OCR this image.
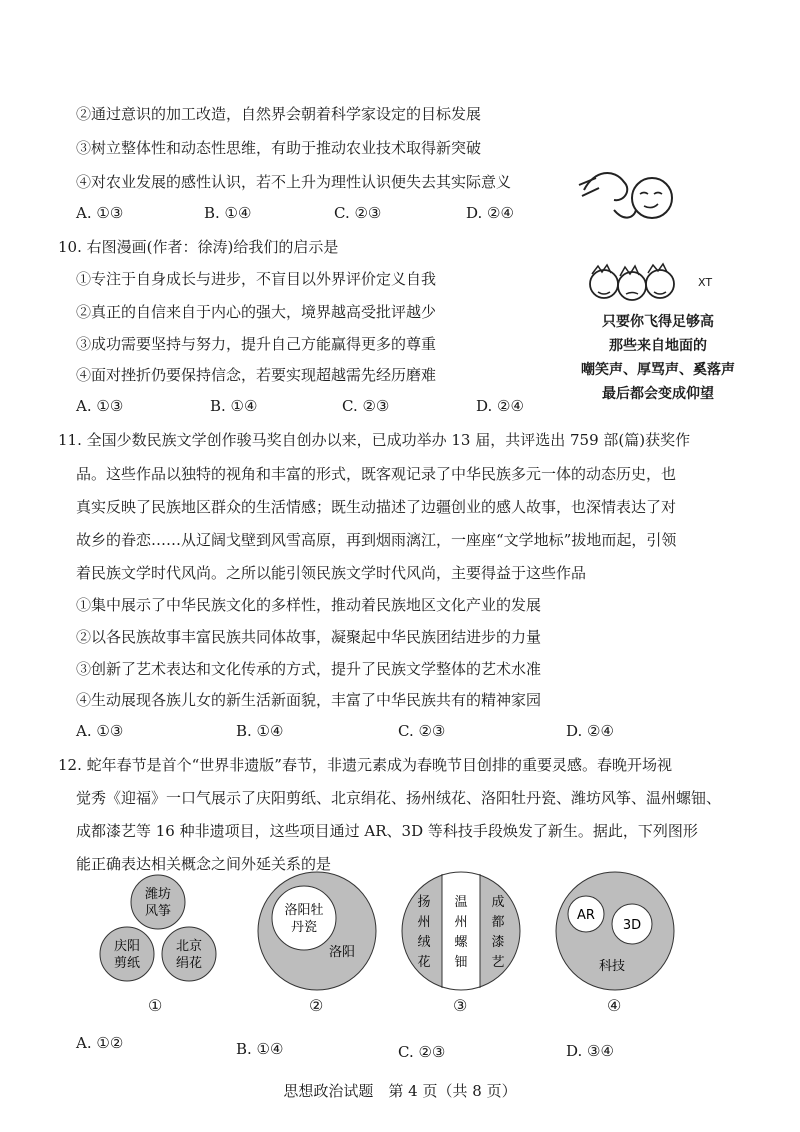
②通过意识的加工改造，自然界会朝着科学家设定的目标发展
③树立整体性和动态性思维，有助于推动农业技术取得新突破
④对农业发展的感性认识，若不上升为理性认识便失去其实际意义
A. ①③	B. ①④	C. ②③	D. ②④
10. 右图漫画(作者：徐涛)给我们的启示是
①专注于自身成长与进步，不盲目以外界评价定义自我
②真正的自信来自于内心的强大，境界越高受批评越少
③成功需要坚持与努力，提升自己方能赢得更多的尊重
④面对挫折仍要保持信念，若要实现超越需先经历磨难
A. ①③	B. ①④	C. ②③	D. ②④
XT
只要你飞得足够高
那些来自地面的
嘲笑声、厚骂声、奚落声
最后都会变成仰望
11. 全国少数民族文学创作骏马奖自创办以来，已成功举办 13 届，共评选出 759 部(篇)获奖作
品。这些作品以独特的视角和丰富的形式，既客观记录了中华民族多元一体的动态历史，也
真实反映了民族地区群众的生活情感；既生动描述了边疆创业的感人故事，也深情表达了对
故乡的眷恋……从辽阔戈壁到风雪高原，再到烟雨漓江，一座座“文学地标”拔地而起，引领
着民族文学时代风尚。之所以能引领民族文学时代风尚，主要得益于这些作品
①集中展示了中华民族文化的多样性，推动着民族地区文化产业的发展
②以各民族故事丰富民族共同体故事，凝聚起中华民族团结进步的力量
③创新了艺术表达和文化传承的方式，提升了民族文学整体的艺术水准
④生动展现各族儿女的新生活新面貌，丰富了中华民族共有的精神家园
A. ①③	B. ①④	C. ②③	D. ②④
12. 蛇年春节是首个“世界非遗版”春节，非遗元素成为春晚节目创排的重要灵感。春晚开场视
觉秀《迎福》一口气展示了庆阳剪纸、北京绢花、扬州绒花、洛阳牡丹瓷、潍坊风筝、温州螺钿、
成都漆艺等 16 种非遗项目，这些项目通过 AR、3D 等科技手段焕发了新生。据此，下列图形
能正确表达相关概念之间外延关系的是
潍坊
风筝
庆阳
剪纸
北京
绢花
①
洛阳牡
丹瓷
洛阳
②
扬
州
绒
花
温
州
螺
钿
成
都
漆
艺
③
AR
3D
科技
④
A. ①②	B. ①④	C. ②③	D. ③④
思想政治试题　第 4 页（共 8 页）
